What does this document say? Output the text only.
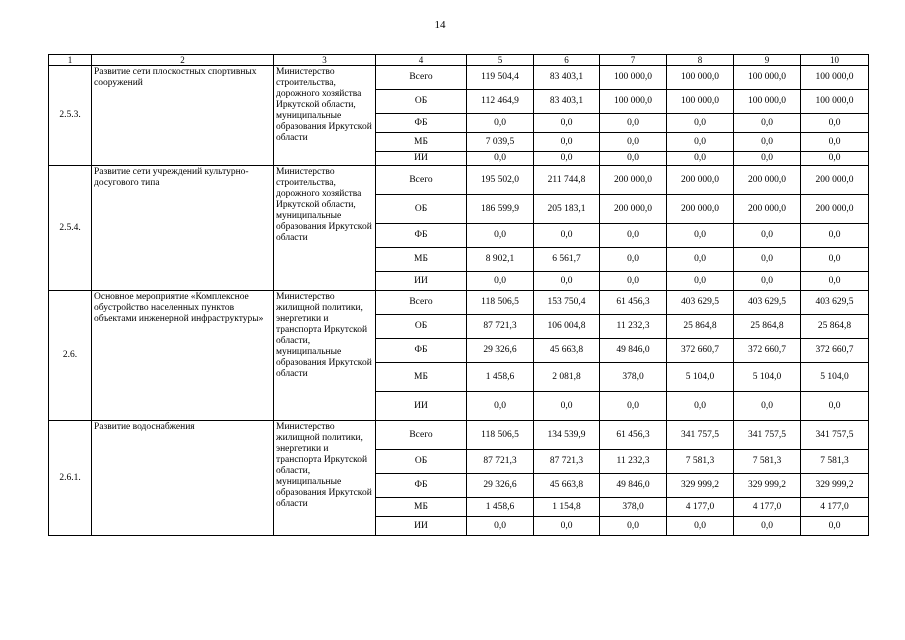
14
1	2	3	4	5	6	7	8	9	10
2.5.3.	Развитие сети плоскостных спортивных сооружений	Министерство строительства, дорожного хозяйства Иркутской области, муниципальные образования Иркутской области	Всего	119 504,4	83 403,1	100 000,0	100 000,0	100 000,0	100 000,0
			ОБ	112 464,9	83 403,1	100 000,0	100 000,0	100 000,0	100 000,0
			ФБ	0,0	0,0	0,0	0,0	0,0	0,0
			МБ	7 039,5	0,0	0,0	0,0	0,0	0,0
			ИИ	0,0	0,0	0,0	0,0	0,0	0,0
2.5.4.	Развитие сети учреждений культурно-досугового типа	Министерство строительства, дорожного хозяйства Иркутской области, муниципальные образования Иркутской области	Всего	195 502,0	211 744,8	200 000,0	200 000,0	200 000,0	200 000,0
			ОБ	186 599,9	205 183,1	200 000,0	200 000,0	200 000,0	200 000,0
			ФБ	0,0	0,0	0,0	0,0	0,0	0,0
			МБ	8 902,1	6 561,7	0,0	0,0	0,0	0,0
			ИИ	0,0	0,0	0,0	0,0	0,0	0,0
2.6.	Основное мероприятие «Комплексное обустройство населенных пунктов объектами инженерной инфраструктуры»	Министерство жилищной политики, энергетики и транспорта Иркутской области, муниципальные образования Иркутской области	Всего	118 506,5	153 750,4	61 456,3	403 629,5	403 629,5	403 629,5
			ОБ	87 721,3	106 004,8	11 232,3	25 864,8	25 864,8	25 864,8
			ФБ	29 326,6	45 663,8	49 846,0	372 660,7	372 660,7	372 660,7
			МБ	1 458,6	2 081,8	378,0	5 104,0	5 104,0	5 104,0
			ИИ	0,0	0,0	0,0	0,0	0,0	0,0
2.6.1.	Развитие водоснабжения	Министерство жилищной политики, энергетики и транспорта Иркутской области, муниципальные образования Иркутской области	Всего	118 506,5	134 539,9	61 456,3	341 757,5	341 757,5	341 757,5
			ОБ	87 721,3	87 721,3	11 232,3	7 581,3	7 581,3	7 581,3
			ФБ	29 326,6	45 663,8	49 846,0	329 999,2	329 999,2	329 999,2
			МБ	1 458,6	1 154,8	378,0	4 177,0	4 177,0	4 177,0
			ИИ	0,0	0,0	0,0	0,0	0,0	0,0
